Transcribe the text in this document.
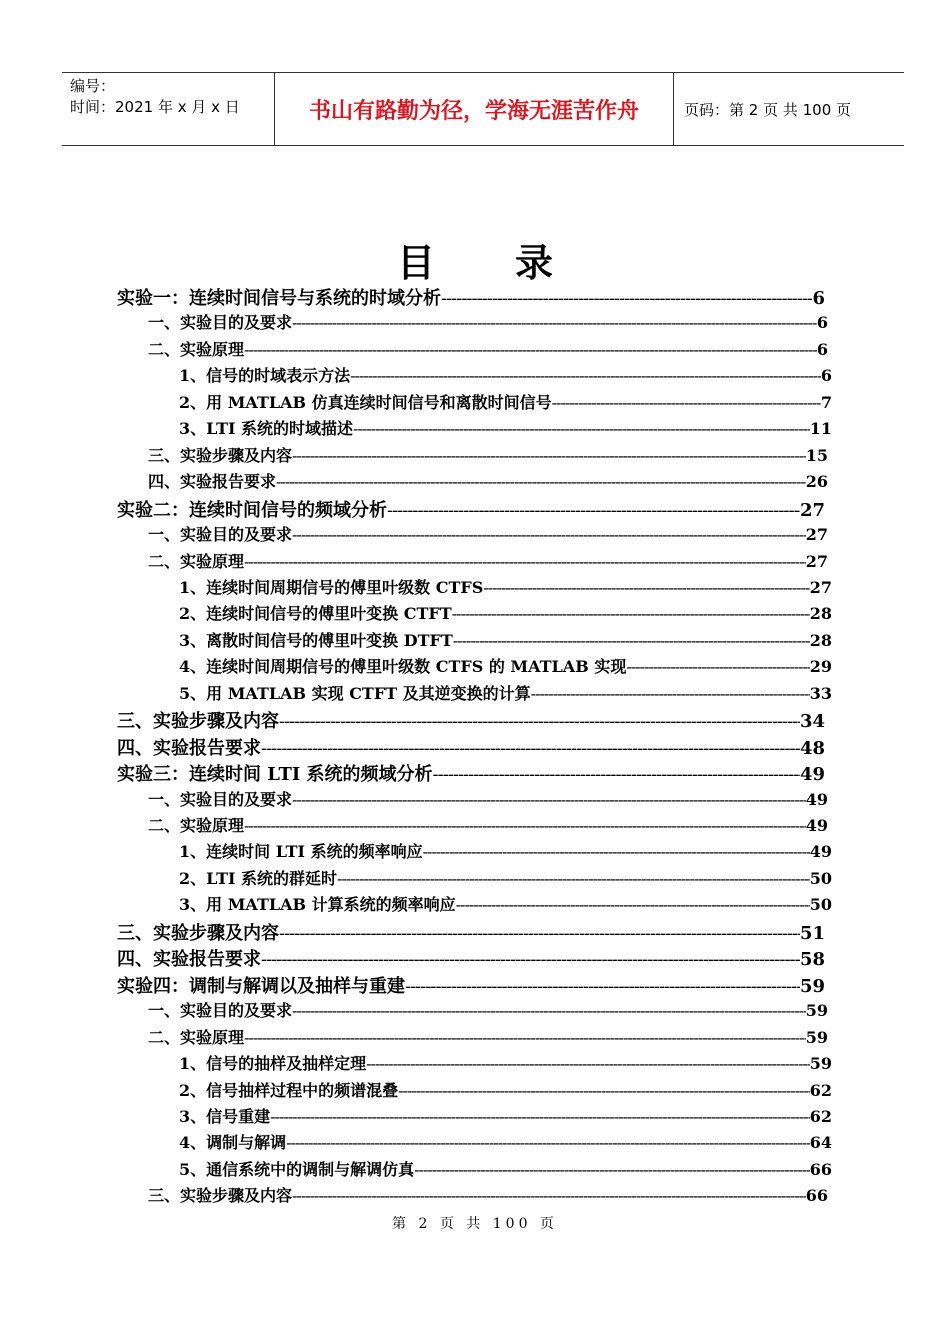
编号：
时间：2021 年 x 月 x 日	书山有路勤为径，学海无涯苦作舟	页码：第 2 页 共 100 页
目录
实验一：连续时间信号与系统的时域分析 -----	6
一、实验目的及要求 -----	6
二、实验原理 -----	6
1、信号的时域表示方法 -----	6
2、用 MATLAB 仿真连续时间信号和离散时间信号 -----	7
3、LTI 系统的时域描述 -----	11
三、实验步骤及内容 -----	15
四、实验报告要求 -----	26
实验二：连续时间信号的频域分析 -----	27
一、实验目的及要求 -----	27
二、实验原理 -----	27
1、连续时间周期信号的傅里叶级数 CTFS -----	27
2、连续时间信号的傅里叶变换 CTFT -----	28
3、离散时间信号的傅里叶变换 DTFT -----	28
4、连续时间周期信号的傅里叶级数 CTFS 的 MATLAB 实现 -----	29
5、用 MATLAB 实现 CTFT 及其逆变换的计算 -----	33
三、实验步骤及内容 -----	34
四、实验报告要求 -----	48
实验三：连续时间 LTI 系统的频域分析 -----	49
一、实验目的及要求 -----	49
二、实验原理 -----	49
1、连续时间 LTI 系统的频率响应 -----	49
2、LTI 系统的群延时 -----	50
3、用 MATLAB 计算系统的频率响应 -----	50
三、实验步骤及内容 -----	51
四、实验报告要求 -----	58
实验四：调制与解调以及抽样与重建 -----	59
一、实验目的及要求 -----	59
二、实验原理 -----	59
1、信号的抽样及抽样定理 -----	59
2、信号抽样过程中的频谱混叠 -----	62
3、信号重建 -----	62
4、调制与解调 -----	64
5、通信系统中的调制与解调仿真 -----	66
三、实验步骤及内容 -----	66
第 2 页 共 100 页
